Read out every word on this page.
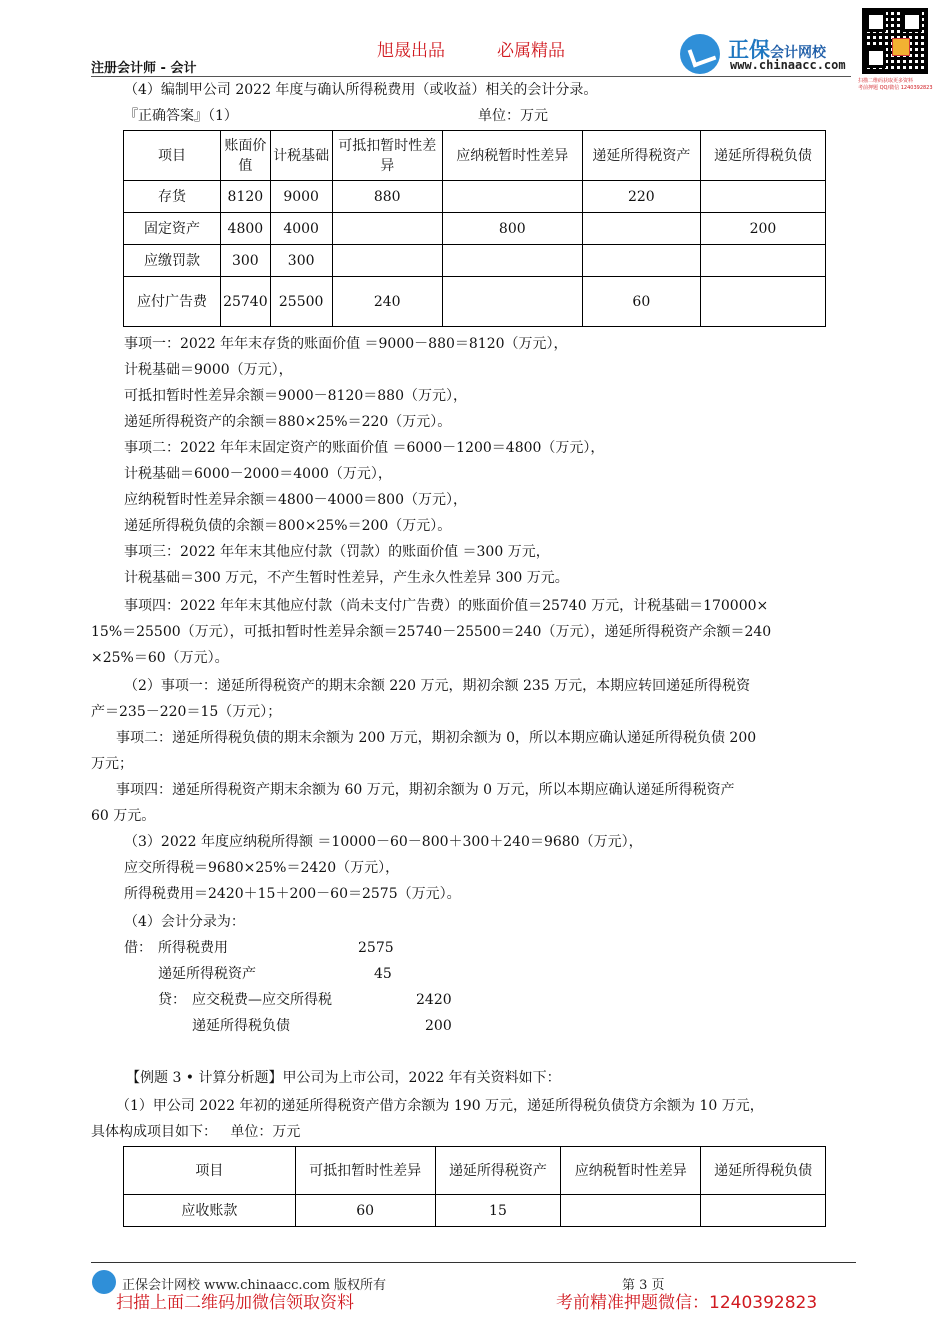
注册会计师 - 会计
旭晟出品	必属精品	正保会计网校
www.chinaacc.com
扫描二维码获取更多资料
考前押题 QQ/微信 1240392823
（4）编制甲公司 2022 年度与确认所得税费用（或收益）相关的会计分录。
『正确答案』（1）	单位：万元
项目	账面价值	计税基础	可抵扣暂时性差异	应纳税暂时性差异	递延所得税资产	递延所得税负债
存货	8120	9000	880		220	
固定资产	4800	4000		800		200
应缴罚款	300	300				
应付广告费	25740	25500	240		60	
事项一：2022 年年末存货的账面价值 ＝9000－880＝8120（万元），
计税基础＝9000（万元），
可抵扣暂时性差异余额＝9000－8120＝880（万元），
递延所得税资产的余额＝880×25%＝220（万元）。
事项二：2022 年年末固定资产的账面价值 ＝6000－1200＝4800（万元），
计税基础＝6000－2000＝4000（万元），
应纳税暂时性差异余额＝4800－4000＝800（万元），
递延所得税负债的余额＝800×25%＝200（万元）。
事项三：2022 年年末其他应付款（罚款）的账面价值 ＝300 万元，
计税基础＝300 万元，不产生暂时性差异，产生永久性差异 300 万元。
事项四：2022 年年末其他应付款（尚未支付广告费）的账面价值＝25740 万元，计税基础＝170000×
15%＝25500（万元），可抵扣暂时性差异余额＝25740－25500＝240（万元），递延所得税资产余额＝240
×25%＝60（万元）。
（2）事项一：递延所得税资产的期末余额 220 万元，期初余额 235 万元，本期应转回递延所得税资
产＝235－220＝15（万元）；
事项二：递延所得税负债的期末余额为 200 万元，期初余额为 0，所以本期应确认递延所得税负债 200
万元；
事项四：递延所得税资产期末余额为 60 万元，期初余额为 0 万元，所以本期应确认递延所得税资产
60 万元。
（3）2022 年度应纳税所得额 ＝10000－60－800＋300＋240＝9680（万元），
应交所得税＝9680×25%＝2420（万元），
所得税费用＝2420＋15＋200－60＝2575（万元）。
（4）会计分录为：
借： 所得税费用	2575
递延所得税资产	45
贷： 应交税费—应交所得税	2420
递延所得税负债	200
【例题 3 • 计算分析题】甲公司为上市公司，2022 年有关资料如下：
（1）甲公司 2022 年初的递延所得税资产借方余额为 190 万元，递延所得税负债贷方余额为 10 万元，
具体构成项目如下：   单位：万元
项目	可抵扣暂时性差异	递延所得税资产	应纳税暂时性差异	递延所得税负债
应收账款	60	15		
正保会计网校 www.chinaacc.com 版权所有	第 3 页
扫描上面二维码加微信领取资料	考前精准押题微信：1240392823
